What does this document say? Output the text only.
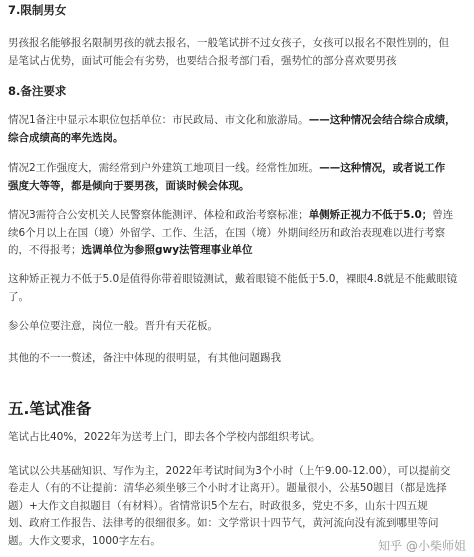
7.限制男女
男孩报名能够报名限制男孩的就去报名，一般笔试拼不过女孩子，女孩可以报名不限性别的，但
是笔试占优势，面试可能会有劣势，也要结合报考部门看，强势忙的部分喜欢要男孩
8.备注要求
情况1备注中显示本职位包括单位：市民政局、市文化和旅游局。——这种情况会结合综合成绩，
综合成绩高的率先选岗。
情况2工作强度大，需经常到户外建筑工地项目一线。经常性加班。——这种情况，或者说工作
强度大等等，都是倾向于要男孩，面谈时候会体现。
情况3需符合公安机关人民警察体能测评、体检和政治考察标准；单侧矫正视力不低于5.0；曾连
续6个月以上在国（境）外留学、工作、生活，在国（境）外期间经历和政治表现难以进行考察
的，不得报考；选调单位为参照gwy法管理事业单位
这种矫正视力不低于5.0是值得你带着眼镜测试，戴着眼镜不能低于5.0，裸眼4.8就是不能戴眼镜
了。
参公单位要注意，岗位一般。晋升有天花板。
其他的不一一赘述，备注中体现的很明显，有其他问题踢我
五.笔试准备
笔试占比40%，2022年为送考上门，即去各个学校内部组织考试。
笔试以公共基础知识、写作为主，2022年考试时间为3个小时（上午9.00-12.00），可以提前交
卷走人（有的不让提前：清华必须坐够三个小时才让离开）。题量很小，公基50题目（都是选择
题）+大作文自拟题目（有材料）。省情常识5个左右，时政很多，党史不多，山东十四五规
划、政府工作报告、法律考的很细很多。如：文学常识十四节气，黄河流向没有流到哪里等问
题。大作文要求，1000字左右。	知乎 @小柴师姐
